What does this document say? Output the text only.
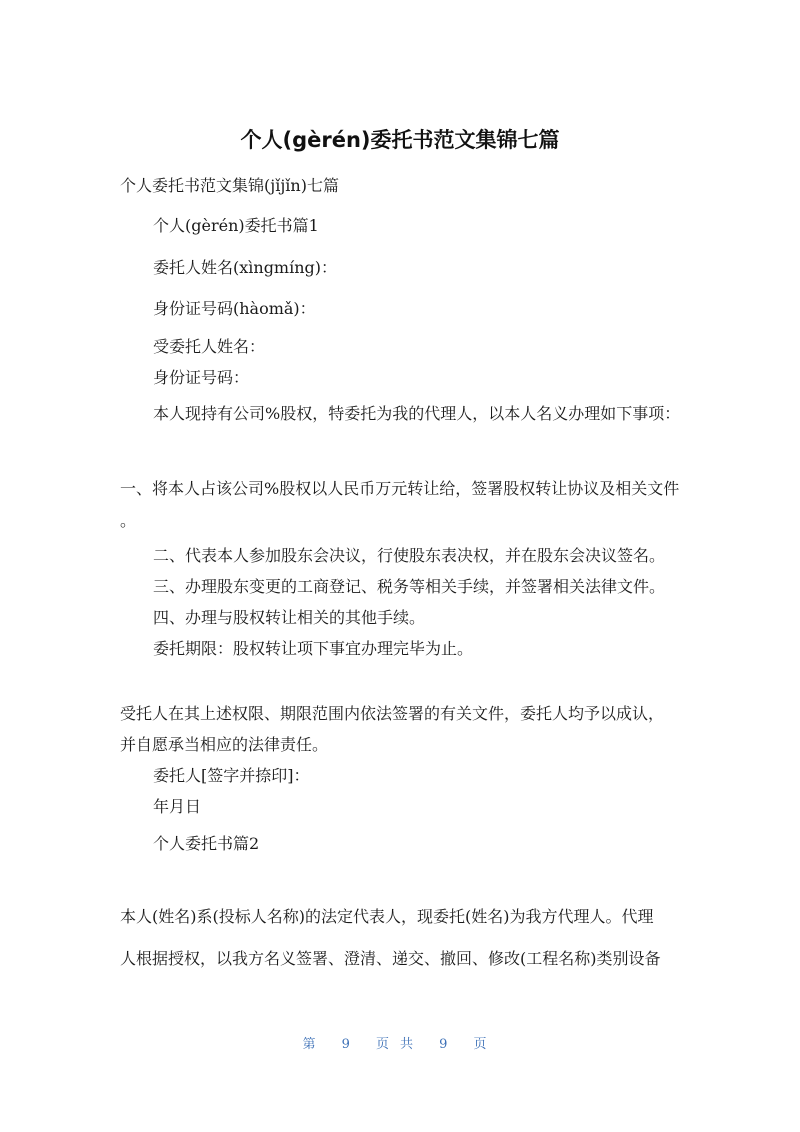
个人(gèrén)委托书范文集锦七篇
个人委托书范文集锦(jǐjǐn)七篇
个人(gèrén)委托书篇1
委托人姓名(xìngmíng)：
身份证号码(hàomǎ)：
受委托人姓名：
身份证号码：
本人现持有公司%股权，特委托为我的代理人，以本人名义办理如下事项：
一、将本人占该公司%股权以人民币万元转让给，签署股权转让协议及相关文件
。
二、代表本人参加股东会决议，行使股东表决权，并在股东会决议签名。
三、办理股东变更的工商登记、税务等相关手续，并签署相关法律文件。
四、办理与股权转让相关的其他手续。
委托期限：股权转让项下事宜办理完毕为止。
受托人在其上述权限、期限范围内依法签署的有关文件，委托人均予以成认，
并自愿承当相应的法律责任。
委托人[签字并捺印]：
年月日
个人委托书篇2
本人(姓名)系(投标人名称)的法定代表人，现委托(姓名)为我方代理人。代理
人根据授权，以我方名义签署、澄清、递交、撤回、修改(工程名称)类别设备
第 9 页共 9 页
